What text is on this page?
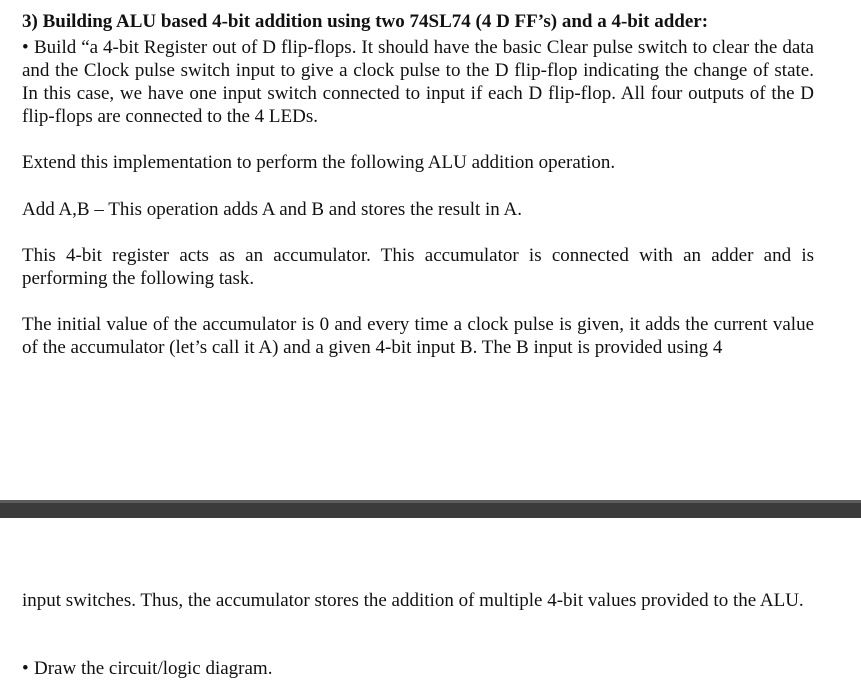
3) Building ALU based 4-bit addition using two 74SL74 (4 D FF’s) and a 4-bit adder:
• Build “a 4-bit Register out of D flip-flops. It should have the basic Clear pulse switch to clear the data and the Clock pulse switch input to give a clock pulse to the D flip-flop indicating the change of state. In this case, we have one input switch connected to input if each D flip-flop. All four outputs of the D flip-flops are connected to the 4 LEDs.
Extend this implementation to perform the following ALU addition operation.
Add A,B – This operation adds A and B and stores the result in A.
This 4-bit register acts as an accumulator. This accumulator is connected with an adder and is performing the following task.
The initial value of the accumulator is 0 and every time a clock pulse is given, it adds the current value of the accumulator (let’s call it A) and a given 4-bit input B. The B input is provided using 4
input switches. Thus, the accumulator stores the addition of multiple 4-bit values provided to the ALU.
• Draw the circuit/logic diagram.
